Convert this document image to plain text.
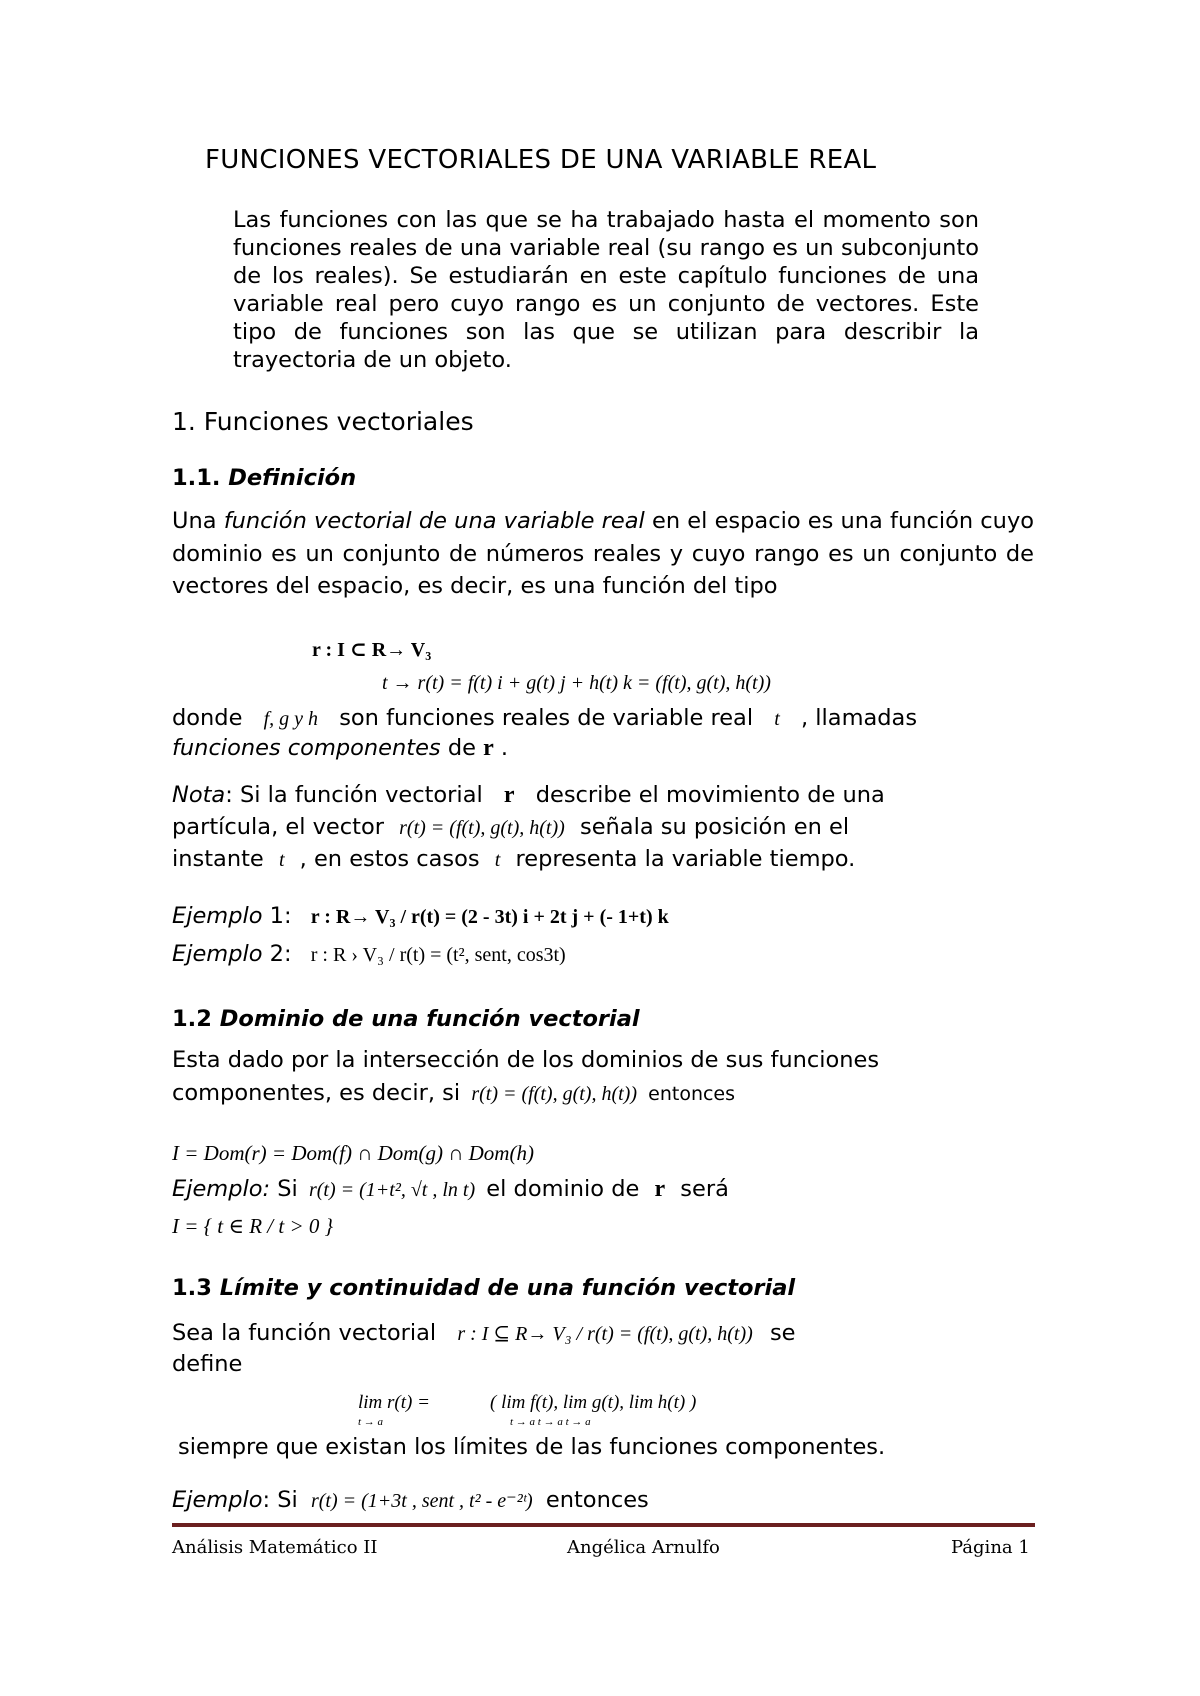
FUNCIONES VECTORIALES DE UNA VARIABLE REAL
Las funciones con las que se ha trabajado hasta el momento son funciones reales de una variable real (su rango es un subconjunto de los reales). Se estudiarán en este capítulo funciones de una variable real pero cuyo rango es un conjunto de vectores. Este tipo de funciones son las que se utilizan para describir la trayectoria de un objeto.
1. Funciones vectoriales
1.1. Definición
Una función vectorial de una variable real en el espacio es una función cuyo dominio es un conjunto de números reales y cuyo rango es un conjunto de vectores del espacio, es decir, es una función del tipo
r : I ⊂ R→ V₃
t → r(t) = f(t) i + g(t) j + h(t) k = (f(t), g(t), h(t))
donde f, g y h son funciones reales de variable real t , llamadas
funciones componentes de r .
Nota: Si la función vectorial r describe el movimiento de una
partícula, el vector r(t) = (f(t), g(t), h(t)) señala su posición en el
instante t , en estos casos t representa la variable tiempo.
Ejemplo 1: r : R→ V₃ / r(t) = (2 - 3t) i + 2t j + (- 1+t) k
Ejemplo 2: r : R › V₃ / r(t) = (t², sent, cos3t)
1.2 Dominio de una función vectorial
Esta dado por la intersección de los dominios de sus funciones
componentes, es decir, si r(t) = (f(t), g(t), h(t)) entonces
I = Dom(r) = Dom(f) ∩ Dom(g) ∩ Dom(h)
Ejemplo: Si r(t) = (1+t², √t , ln t) el dominio de r será
I = { t ∈ R / t > 0 }
1.3 Límite y continuidad de una función vectorial
Sea la función vectorial r : I ⊆ R→ V₃ / r(t) = (f(t), g(t), h(t)) se
define
lim r(t) =
t → a
( lim f(t), lim g(t), lim h(t) )
t → a t → a t → a
siempre que existan los límites de las funciones componentes.
Ejemplo: Si r(t) = (1+3t , sent , t² - e⁻²ᵗ) entonces
Análisis Matemático II	Angélica Arnulfo	Página 1
